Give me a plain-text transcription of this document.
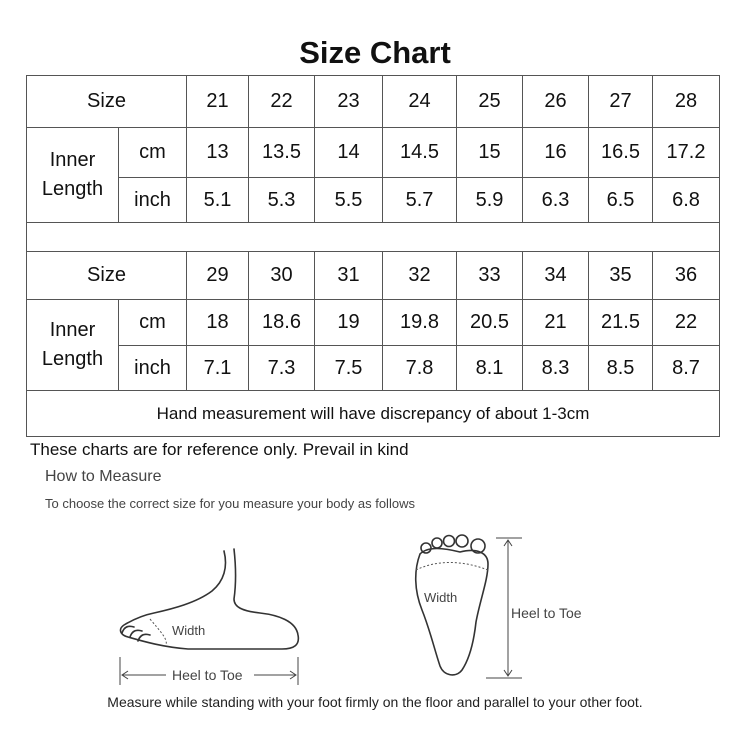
Size Chart
Size		21	22	23	24	25	26	27	28

Inner
Length	cm	13	13.5	14	14.5	15	16	16.5	17.2
	inch	5.1	5.3	5.5	5.7	5.9	6.3	6.5	6.8

Size		29	30	31	32	33	34	35	36

Inner
Length	cm	18	18.6	19	19.8	20.5	21	21.5	22
	inch	7.1	7.3	7.5	7.8	8.1	8.3	8.5	8.7
Hand measurement will have discrepancy of about 1-3cm									
These charts are for reference only. Prevail in kind
How to Measure
To choose the correct size for you measure your body as follows
Width
Heel to Toe
Width
Heel to Toe
Measure while standing with your foot firmly on the floor and parallel to your other foot.
